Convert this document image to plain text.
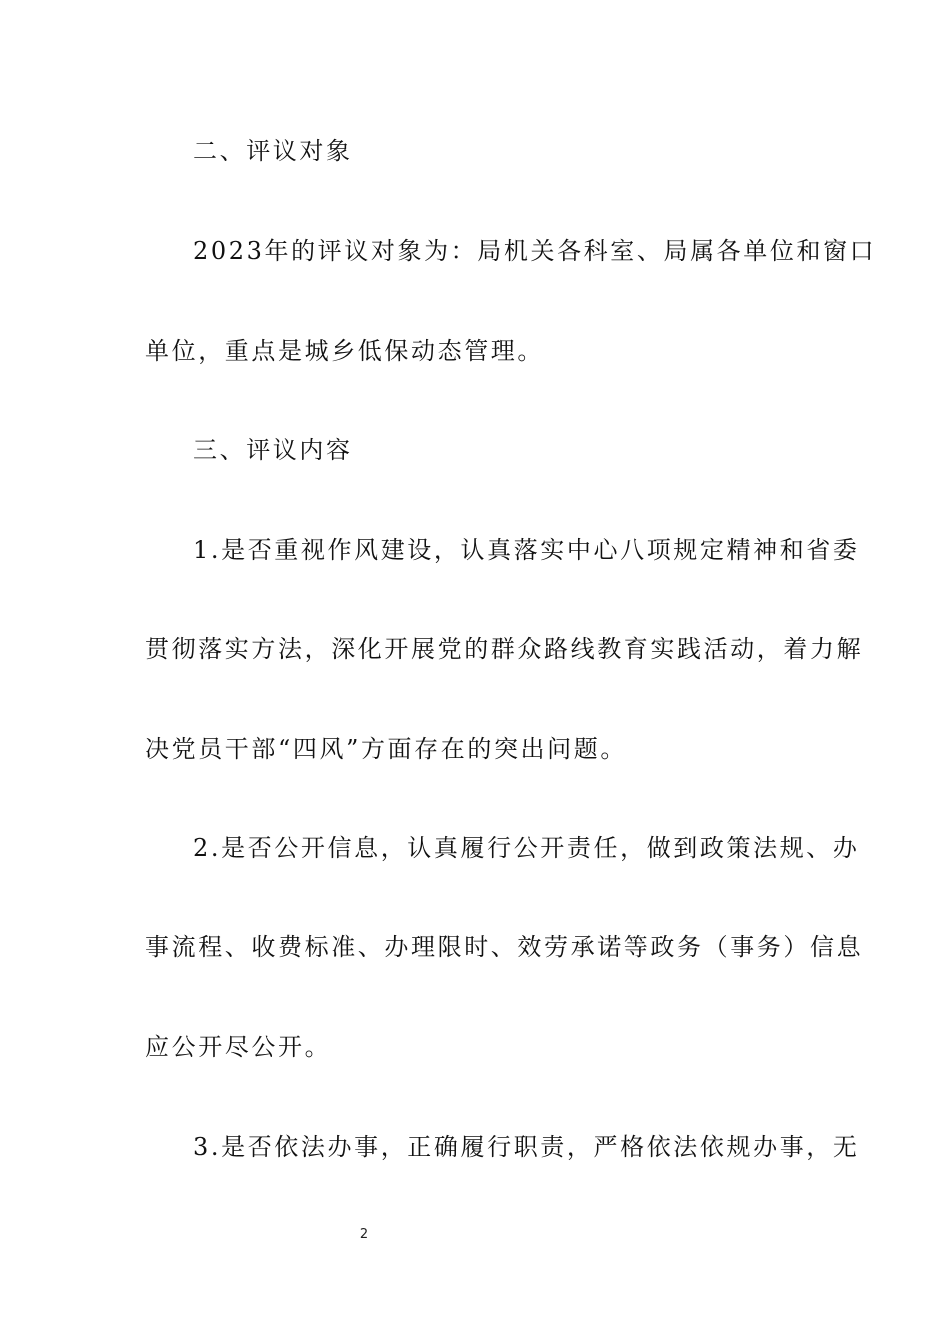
二、评议对象
2023年的评议对象为：局机关各科室、局属各单位和窗口
单位，重点是城乡低保动态管理。
三、评议内容
1.是否重视作风建设，认真落实中心八项规定精神和省委
贯彻落实方法，深化开展党的群众路线教育实践活动，着力解
决党员干部“四风”方面存在的突出问题。
2.是否公开信息，认真履行公开责任，做到政策法规、办
事流程、收费标准、办理限时、效劳承诺等政务（事务）信息
应公开尽公开。
3.是否依法办事，正确履行职责，严格依法依规办事，无
2
